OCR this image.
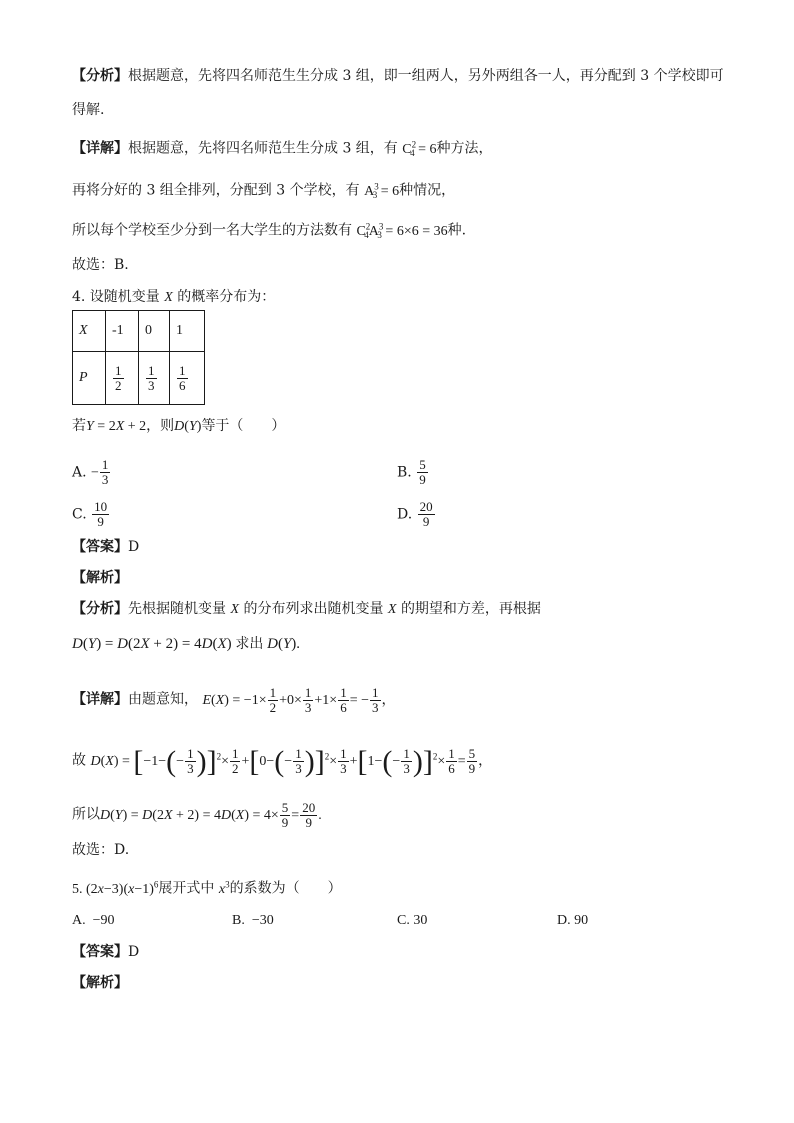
【分析】根据题意，先将四名师范生生分成 3 组，即一组两人，另外两组各一人，再分配到 3 个学校即可
得解.
【详解】根据题意，先将四名师范生生分成 3 组，有 $C^2_4 = 6$种方法，
再将分好的 3 组全排列，分配到 3 个学校，有 $A^3_3 = 6$种情况，
所以每个学校至少分到一名大学生的方法数有 $C^2_4A^3_3 = 6\times 6 = 36$种.
故选：B.
4. 设随机变量 X 的概率分布为：
X	-1	0	1
P	$\frac{1}{2}$	$\frac{1}{3}$	$\frac{1}{6}$
若Y = 2X + 2，则D(Y)等于（　　）
A. − $\frac{1}{3}$	B. $\frac{5}{9}$
C. $\frac{10}{9}$	D. $\frac{20}{9}$
【答案】D
【解析】
【分析】先根据随机变量 X 的分布列求出随机变量 X 的期望和方差，再根据
D(Y) = D(2X + 2) = 4D(X) 求出 D(Y).
【详解】由题意知， $E(X) = -1\times \frac{1}{2} +0\times \frac{1}{3} +1\times \frac{1}{6}$ = − $\frac{1}{3}$ ，
故 $D(X) = [-1-(- \frac{1}{3} )]^2\times \frac{1}{2} +[0-(- \frac{1}{3} )]^2\times \frac{1}{3} +[1-(- \frac{1}{3} )]^2\times \frac{1}{6} = \frac{5}{9}$ ，
所以$D(Y) = D(2X + 2) = 4D(X) = 4\times \frac{5}{9} = \frac{20}{9}$ .
故选：D.
5. $(2x-3)(x-1)^6$展开式中 $x^3$的系数为（　　）
A. −90	B. −30	C. 30	D. 90
【答案】D
【解析】
